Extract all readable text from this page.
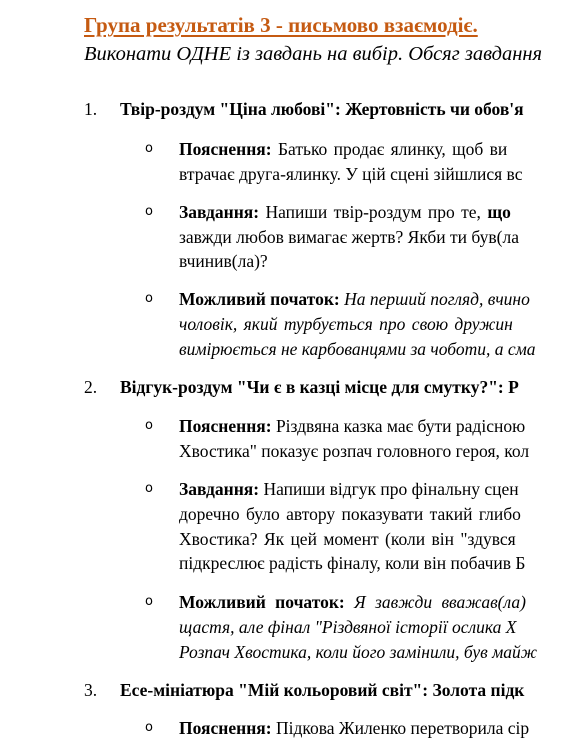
Група результатів 3 - письмово взаємодіє.
Виконати ОДНЕ із завдань на вибір. Обсяг завдання
1. Твір-роздум "Ціна любові": Жертовність чи обов'я
o Пояснення: Батько продає ялинку, щоб ви
втрачає друга-ялинку. У цій сцені зійшлися вс
o Завдання: Напиши твір-роздум про те, що
завжди любов вимагає жертв? Якби ти був(ла
вчинив(ла)?
o Можливий початок: На перший погляд, вчино
чоловік, який турбується про свою дружин
вимірюється не карбованцями за чоботи, а сма
2. Відгук-роздум "Чи є в казці місце для смутку?": Р
o Пояснення: Різдвяна казка має бути радісною
Хвостика" показує розпач головного героя, кол
o Завдання: Напиши відгук про фінальну сцен
доречно було автору показувати такий глибо
Хвостика? Як цей момент (коли він "здувся
підкреслює радість фіналу, коли він побачив Б
o Можливий початок: Я завжди вважав(ла)
щастя, але фінал "Різдвяної історії ослика Х
Розпач Хвостика, коли його замінили, був майж
3. Есе-мініатюра "Мій кольоровий світ": Золота підк
o Пояснення: Підкова Жиленко перетворила сір
